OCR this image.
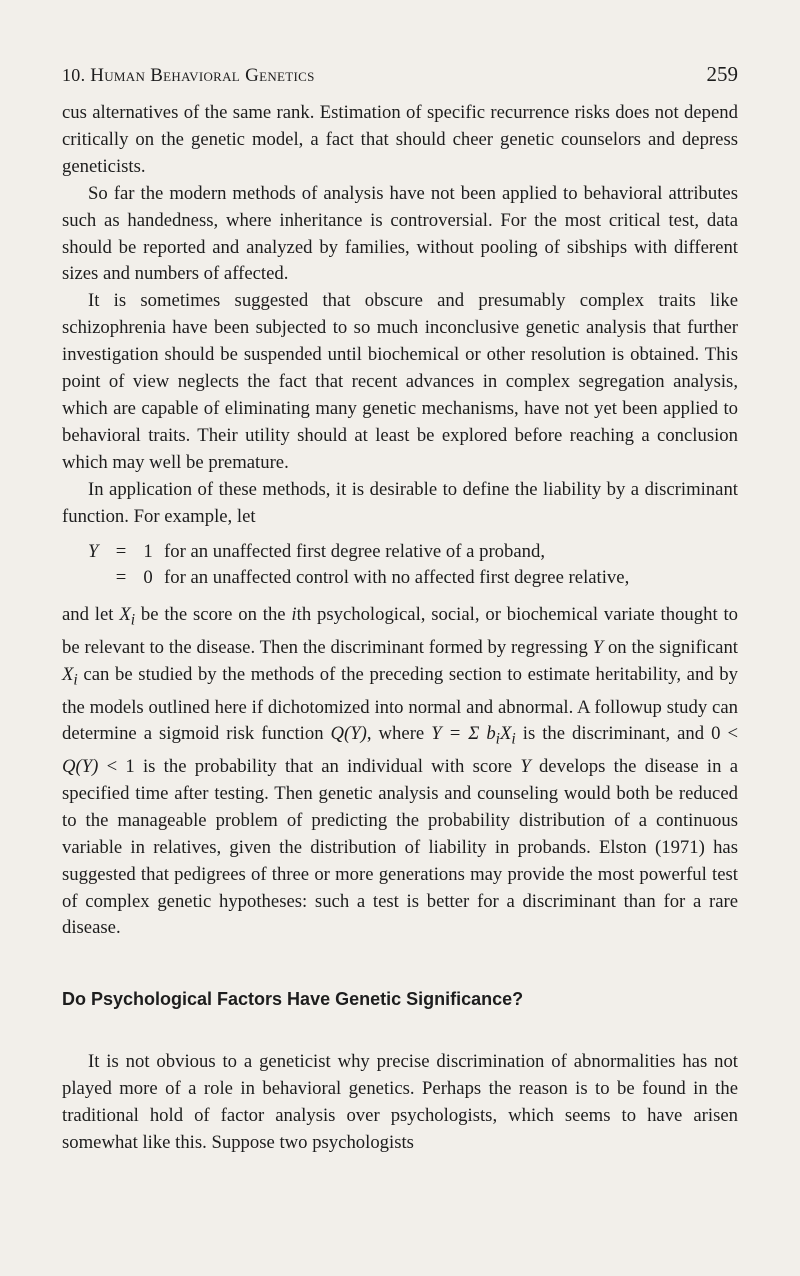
10. Human Behavioral Genetics	259

cus alternatives of the same rank. Estimation of specific recurrence risks does not depend critically on the genetic model, a fact that should cheer genetic counselors and depress geneticists.

So far the modern methods of analysis have not been applied to behavioral attributes such as handedness, where inheritance is controversial. For the most critical test, data should be reported and analyzed by families, without pooling of sibships with different sizes and numbers of affected.

It is sometimes suggested that obscure and presumably complex traits like schizophrenia have been subjected to so much inconclusive genetic analysis that further investigation should be suspended until biochemical or other resolution is obtained. This point of view neglects the fact that recent advances in complex segregation analysis, which are capable of eliminating many genetic mechanisms, have not yet been applied to behavioral traits. Their utility should at least be explored before reaching a conclusion which may well be premature.

In application of these methods, it is desirable to define the liability by a discriminant function. For example, let

Y = 1 for an unaffected first degree relative of a proband,
= 0 for an unaffected control with no affected first degree relative,

and let $X_i$ be the score on the ith psychological, social, or biochemical variate thought to be relevant to the disease. Then the discriminant formed by regressing Y on the significant $X_i$ can be studied by the methods of the preceding section to estimate heritability, and by the models outlined here if dichotomized into normal and abnormal. A followup study can determine a sigmoid risk function Q(Y), where Y = Σ $b_iX_i$ is the discriminant, and 0 < Q(Y) < 1 is the probability that an individual with score Y develops the disease in a specified time after testing. Then genetic analysis and counseling would both be reduced to the manageable problem of predicting the probability distribution of a continuous variable in relatives, given the distribution of liability in probands. Elston (1971) has suggested that pedigrees of three or more generations may provide the most powerful test of complex genetic hypotheses: such a test is better for a discriminant than for a rare disease.

Do Psychological Factors Have Genetic Significance?

It is not obvious to a geneticist why precise discrimination of abnormalities has not played more of a role in behavioral genetics. Perhaps the reason is to be found in the traditional hold of factor analysis over psychologists, which seems to have arisen somewhat like this. Suppose two psychologists
